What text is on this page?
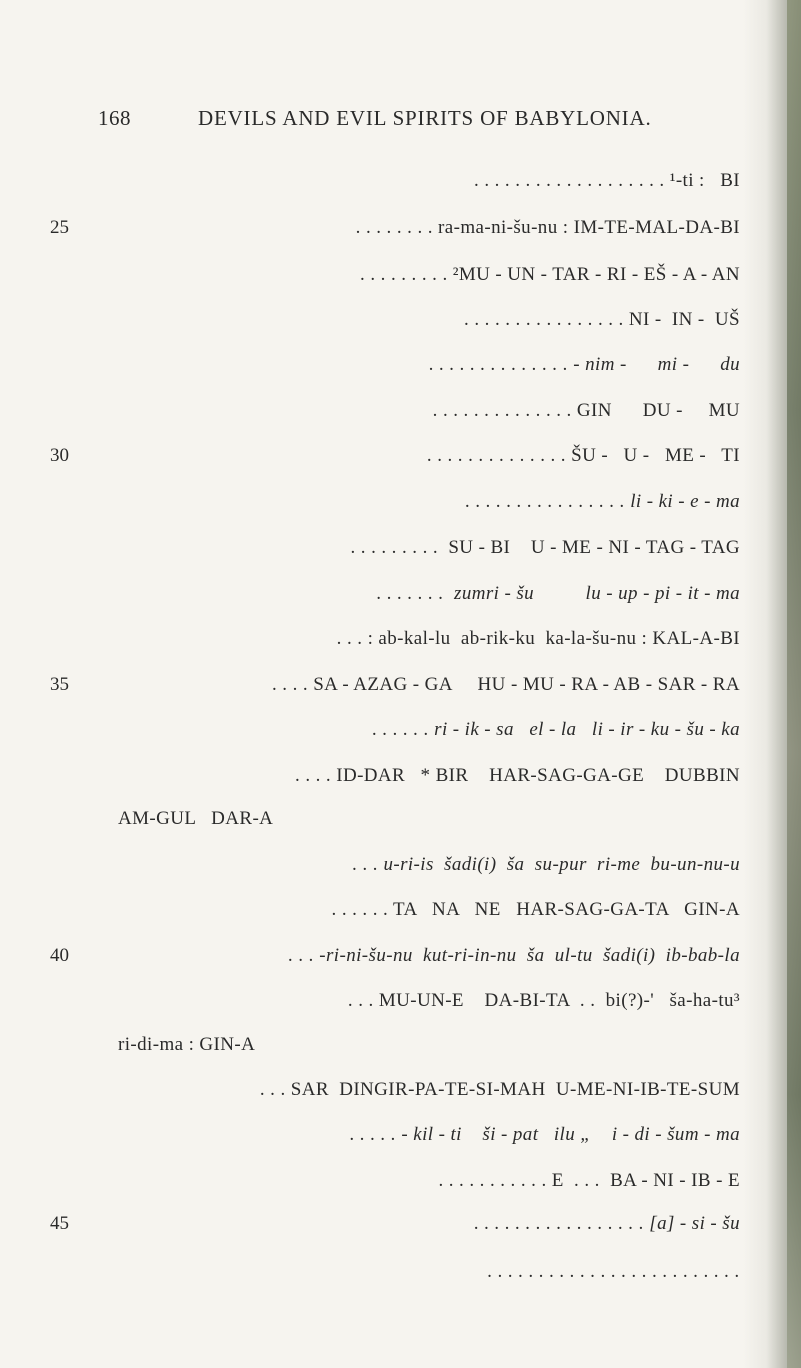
168	DEVILS AND EVIL SPIRITS OF BABYLONIA.
. . . . . . . . . . . . . . . . . . . ¹-ti :   BI
25	. . . . . . . . ra-ma-ni-šu-nu : IM-TE-MAL-DA-BI
. . . . . . . . . ²MU - UN - TAR - RI - EŠ - A - AN
. . . . . . . . . . . . . . . . NI -  IN -  UŠ
. . . . . . . . . . . . . . - nim -      mi -      du
. . . . . . . . . . . . . . GIN      DU -     MU
30	. . . . . . . . . . . . . . ŠU -   U -   ME -   TI
. . . . . . . . . . . . . . . . li - ki - e - ma
. . . . . . . . .  SU - BI    U - ME - NI - TAG - TAG
. . . . . . .  zumri - šu          lu - up - pi - it - ma
. . . : ab-kal-lu  ab-rik-ku  ka-la-šu-nu : KAL-A-BI
35	. . . . SA - AZAG - GA     HU - MU - RA - AB - SAR - RA
. . . . . . ri - ik - sa   el - la   li - ir - ku - šu - ka
. . . . ID-DAR   * BIR    HAR-SAG-GA-GE    DUBBIN
AM-GUL   DAR-A
. . . u-ri-is  šadi(i)  ša  su-pur  ri-me  bu-un-nu-u
. . . . . . TA   NA   NE   HAR-SAG-GA-TA   GIN-A
40	. . . -ri-ni-šu-nu  kut-ri-in-nu  ša  ul-tu  šadi(i)  ib-bab-la
. . . MU-UN-E    DA-BI-TA  . .  bi(?)-'   ša-ha-tu³
ri-di-ma : GIN-A
. . . SAR  DINGIR-PA-TE-SI-MAH  U-ME-NI-IB-TE-SUM
. . . . . - kil - ti    ši - pat   ilu „    i - di - šum - ma
. . . . . . . . . . . E  . . .  BA - NI - IB - E
45	. . . . . . . . . . . . . . . . . [a] - si - šu
. . . . . . . . . . . . . . . . . . . . . . . . .
